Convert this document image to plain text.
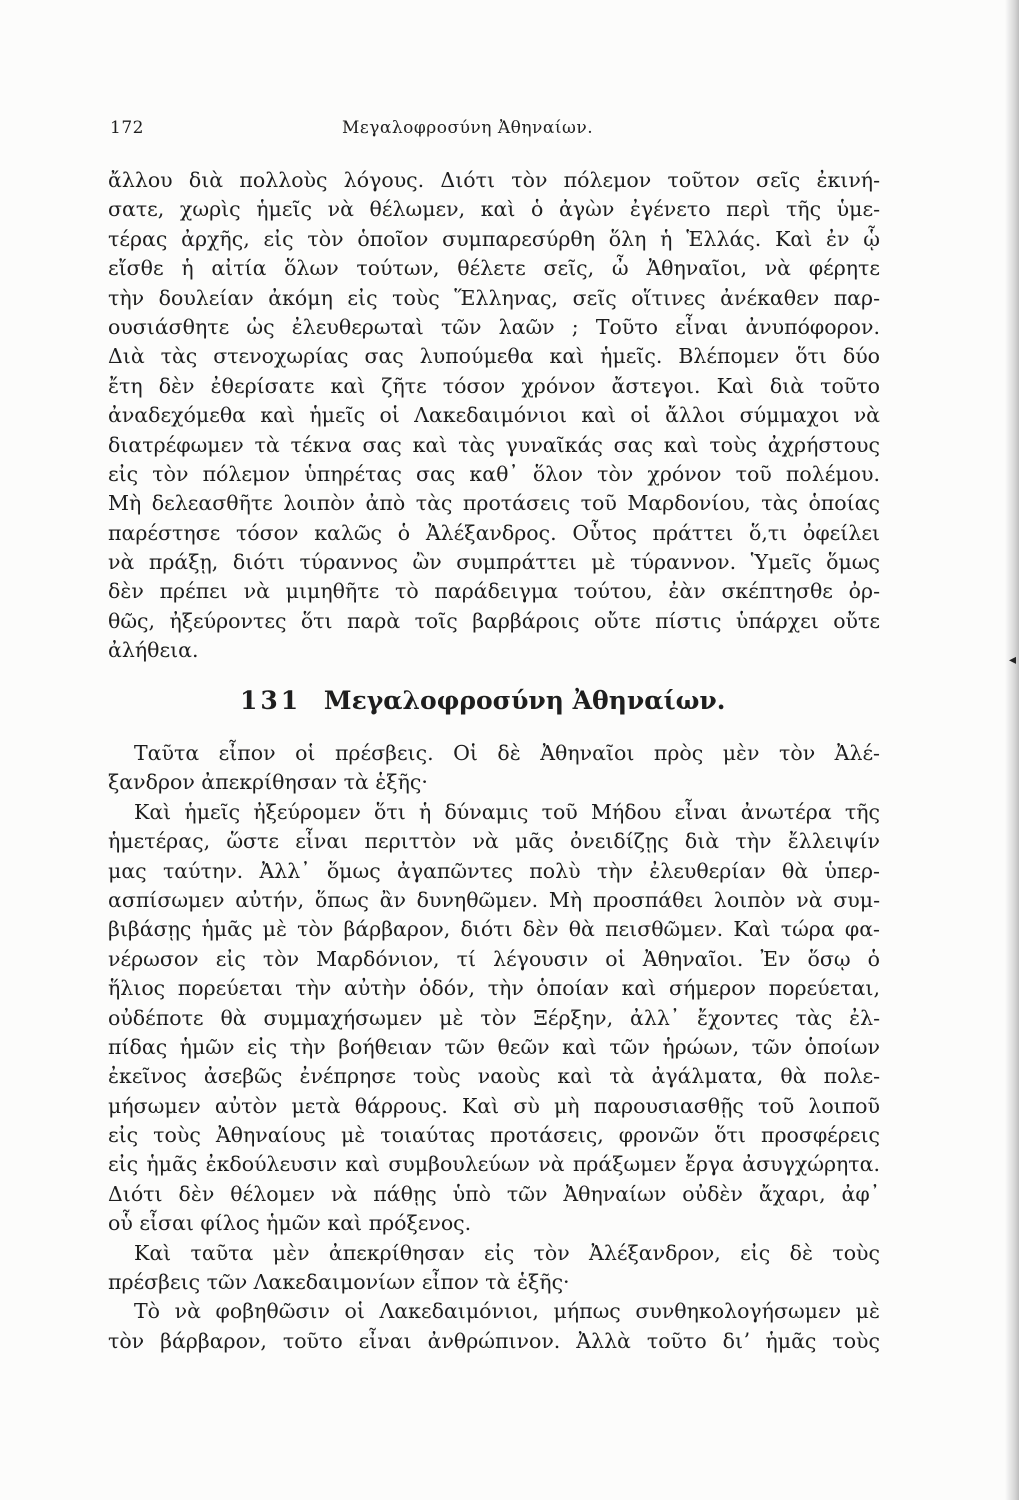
172	Μεγαλοφροσύνη Ἀθηναίων.
ἄλλου διὰ πολλοὺς λόγους. Διότι τὸν πόλεμον τοῦτον σεῖς ἐκινή-
σατε, χωρὶς ἡμεῖς νὰ θέλωμεν, καὶ ὁ ἀγὼν ἐγένετο περὶ τῆς ὑμε-
τέρας ἀρχῆς, εἰς τὸν ὁποῖον συμπαρεσύρθη ὅλη ἡ Ἑλλάς. Καὶ ἐν ᾧ
εἴσθε ἡ αἰτία ὅλων τούτων, θέλετε σεῖς, ὦ Ἀθηναῖοι, νὰ φέρητε
τὴν δουλείαν ἀκόμη εἰς τοὺς Ἕλληνας, σεῖς οἵτινες ἀνέκαθεν παρ-
ουσιάσθητε ὡς ἐλευθερωταὶ τῶν λαῶν ; Τοῦτο εἶναι ἀνυπόφορον.
Διὰ τὰς στενοχωρίας σας λυπούμεθα καὶ ἡμεῖς. Βλέπομεν ὅτι δύο
ἔτη δὲν ἐθερίσατε καὶ ζῆτε τόσον χρόνον ἄστεγοι. Καὶ διὰ τοῦτο
ἀναδεχόμεθα καὶ ἡμεῖς οἱ Λακεδαιμόνιοι καὶ οἱ ἄλλοι σύμμαχοι νὰ
διατρέφωμεν τὰ τέκνα σας καὶ τὰς γυναῖκάς σας καὶ τοὺς ἀχρήστους
εἰς τὸν πόλεμον ὑπηρέτας σας καθ᾽ ὅλον τὸν χρόνον τοῦ πολέμου.
Μὴ δελεασθῆτε λοιπὸν ἀπὸ τὰς προτάσεις τοῦ Μαρδονίου, τὰς ὁποίας
παρέστησε τόσον καλῶς ὁ Ἀλέξανδρος. Οὗτος πράττει ὅ,τι ὀφείλει
νὰ πράξῃ, διότι τύραννος ὢν συμπράττει μὲ τύραννον. Ὑμεῖς ὅμως
δὲν πρέπει νὰ μιμηθῆτε τὸ παράδειγμα τούτου, ἐὰν σκέπτησθε ὀρ-
θῶς, ἠξεύροντες ὅτι παρὰ τοῖς βαρβάροις οὔτε πίστις ὑπάρχει οὔτε
ἀλήθεια.	◂
131 Μεγαλοφροσύνη Ἀθηναίων.
Ταῦτα εἶπον οἱ πρέσβεις. Οἱ δὲ Ἀθηναῖοι πρὸς μὲν τὸν Ἀλέ-
ξανδρον ἀπεκρίθησαν τὰ ἑξῆς·
Καὶ ἡμεῖς ἠξεύρομεν ὅτι ἡ δύναμις τοῦ Μήδου εἶναι ἀνωτέρα τῆς
ἡμετέρας, ὥστε εἶναι περιττὸν νὰ μᾶς ὀνειδίζῃς διὰ τὴν ἔλλειψίν
μας ταύτην. Ἀλλ᾽ ὅμως ἀγαπῶντες πολὺ τὴν ἐλευθερίαν θὰ ὑπερ-
ασπίσωμεν αὐτήν, ὅπως ἂν δυνηθῶμεν. Μὴ προσπάθει λοιπὸν νὰ συμ-
βιβάσῃς ἡμᾶς μὲ τὸν βάρβαρον, διότι δὲν θὰ πεισθῶμεν. Καὶ τώρα φα-
νέρωσον εἰς τὸν Μαρδόνιον, τί λέγουσιν οἱ Ἀθηναῖοι. Ἐν ὅσῳ ὁ
ἥλιος πορεύεται τὴν αὐτὴν ὁδόν, τὴν ὁποίαν καὶ σήμερον πορεύεται,
οὐδέποτε θὰ συμμαχήσωμεν μὲ τὸν Ξέρξην, ἀλλ᾽ ἔχοντες τὰς ἐλ-
πίδας ἡμῶν εἰς τὴν βοήθειαν τῶν θεῶν καὶ τῶν ἡρώων, τῶν ὁποίων
ἐκεῖνος ἀσεβῶς ἐνέπρησε τοὺς ναοὺς καὶ τὰ ἀγάλματα, θὰ πολε-
μήσωμεν αὐτὸν μετὰ θάρρους. Καὶ σὺ μὴ παρουσιασθῇς τοῦ λοιποῦ
εἰς τοὺς Ἀθηναίους μὲ τοιαύτας προτάσεις, φρονῶν ὅτι προσφέρεις
εἰς ἡμᾶς ἐκδούλευσιν καὶ συμβουλεύων νὰ πράξωμεν ἔργα ἀσυγχώρητα.
Διότι δὲν θέλομεν νὰ πάθῃς ὑπὸ τῶν Ἀθηναίων οὐδὲν ἄχαρι, ἀφ᾽
οὗ εἶσαι φίλος ἡμῶν καὶ πρόξενος.
Καὶ ταῦτα μὲν ἀπεκρίθησαν εἰς τὸν Ἀλέξανδρον, εἰς δὲ τοὺς
πρέσβεις τῶν Λακεδαιμονίων εἶπον τὰ ἑξῆς·
Τὸ νὰ φοβηθῶσιν οἱ Λακεδαιμόνιοι, μήπως συνθηκολογήσωμεν μὲ
τὸν βάρβαρον, τοῦτο εἶναι ἀνθρώπινον. Ἀλλὰ τοῦτο διʼ ἡμᾶς τοὺς
